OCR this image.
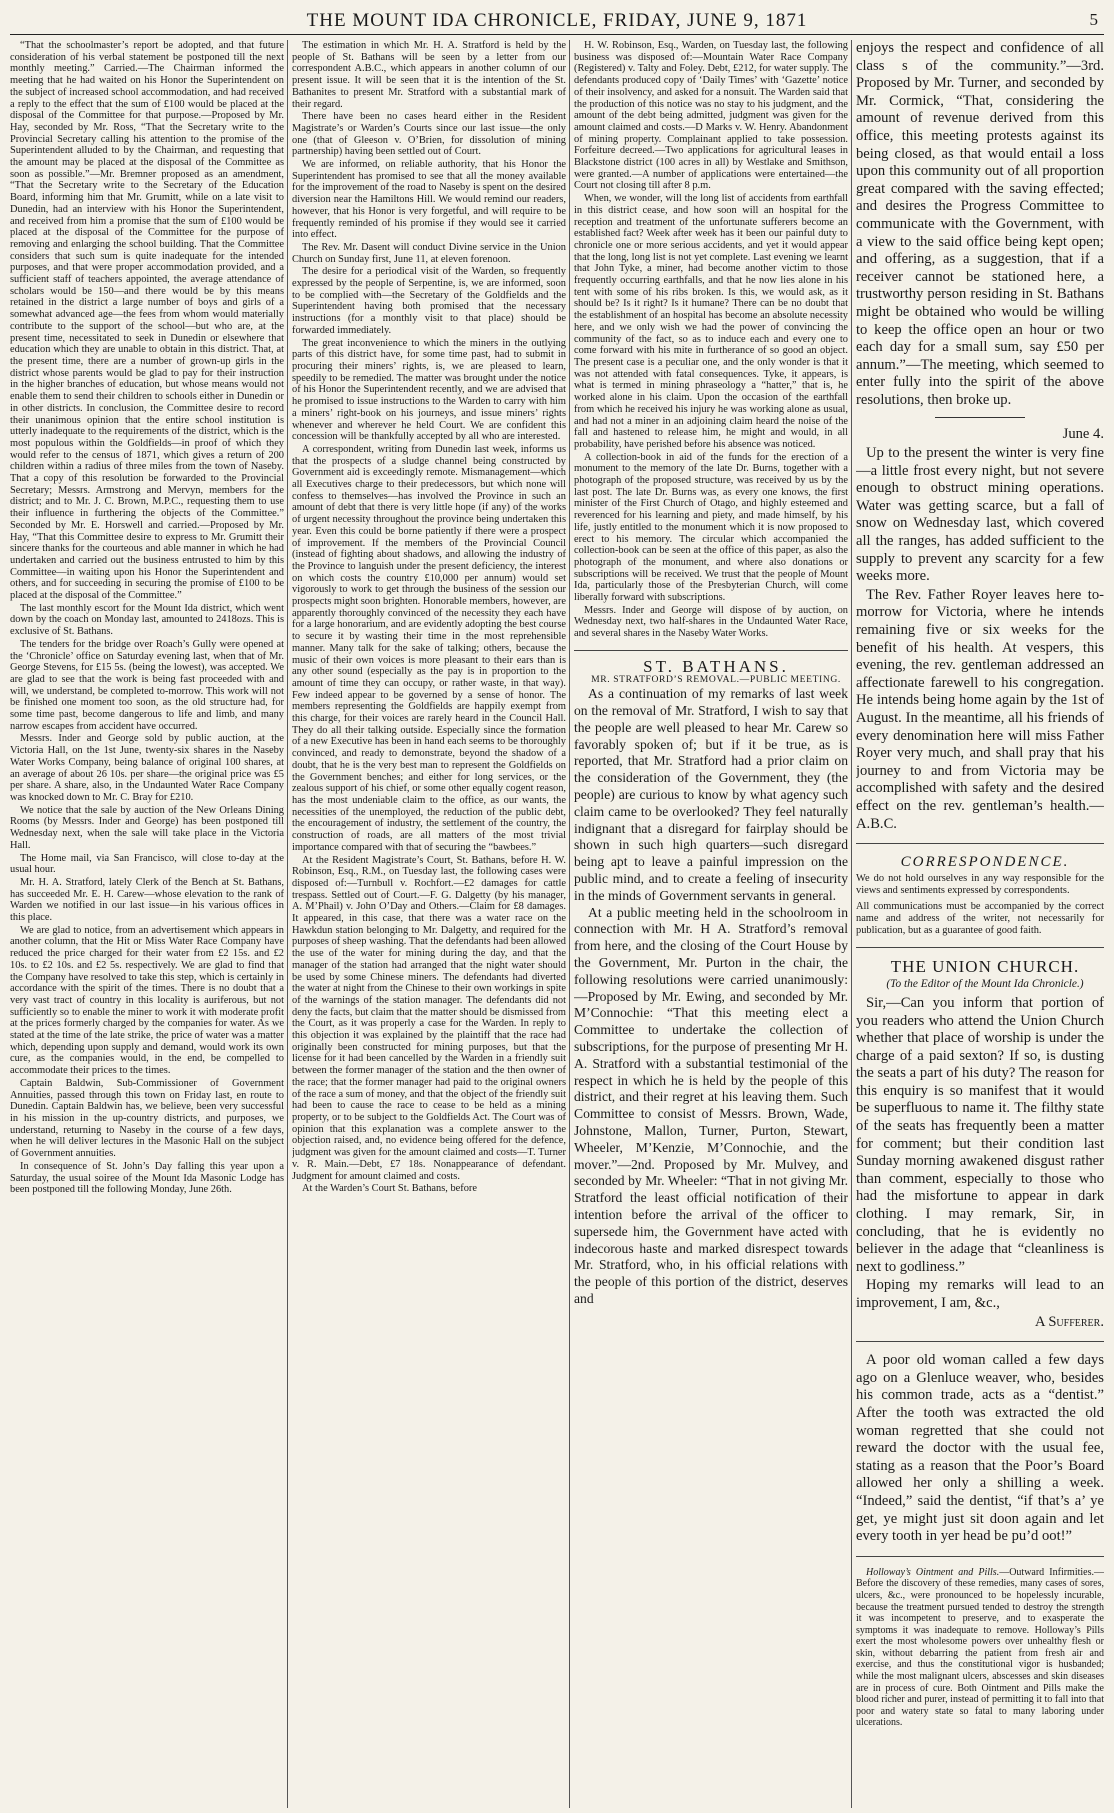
THE MOUNT IDA CHRONICLE, FRIDAY, JUNE 9, 1871	5

“That the schoolmaster’s report be adopted, and that future consideration of his verbal statement be postponed till the next monthly meeting.” Carried.—The Chairman informed the meeting that he had waited on his Honor the Superintendent on the subject of increased school accommodation, and had received a reply to the effect that the sum of £100 would be placed at the disposal of the Committee for that purpose.—Proposed by Mr. Hay, seconded by Mr. Ross, “That the Secretary write to the Provincial Secretary calling his attention to the promise of the Superintendent alluded to by the Chairman, and requesting that the amount may be placed at the disposal of the Committee as soon as possible.”—Mr. Bremner proposed as an amendment, “That the Secretary write to the Secretary of the Education Board, informing him that Mr. Grumitt, while on a late visit to Dunedin, had an interview with his Honor the Superintendent, and received from him a promise that the sum of £100 would be placed at the disposal of the Committee for the purpose of removing and enlarging the school building. That the Committee considers that such sum is quite inadequate for the intended purposes, and that were proper accommodation provided, and a sufficient staff of teachers appointed, the average attendance of scholars would be 150—and there would be by this means retained in the district a large number of boys and girls of a somewhat advanced age—the fees from whom would materially contribute to the support of the school—but who are, at the present time, necessitated to seek in Dunedin or elsewhere that education which they are unable to obtain in this district. That, at the present time, there are a number of grown-up girls in the district whose parents would be glad to pay for their instruction in the higher branches of education, but whose means would not enable them to send their children to schools either in Dunedin or in other districts. In conclusion, the Committee desire to record their unanimous opinion that the entire school institution is utterly inadequate to the requirements of the district, which is the most populous within the Goldfields—in proof of which they would refer to the census of 1871, which gives a return of 200 children within a radius of three miles from the town of Naseby. That a copy of this resolution be forwarded to the Provincial Secretary; Messrs. Armstrong and Mervyn, members for the district; and to Mr. J. C. Brown, M.P.C., requesting them to use their influence in furthering the objects of the Committee.” Seconded by Mr. E. Horswell and carried.—Proposed by Mr. Hay, “That this Committee desire to express to Mr. Grumitt their sincere thanks for the courteous and able manner in which he had undertaken and carried out the business entrusted to him by this Committee—in waiting upon his Honor the Superintendent and others, and for succeeding in securing the promise of £100 to be placed at the disposal of the Committee.”

The last monthly escort for the Mount Ida district, which went down by the coach on Monday last, amounted to 2418ozs. This is exclusive of St. Bathans.

The tenders for the bridge over Roach’s Gully were opened at the ‘Chronicle’ office on Saturday evening last, when that of Mr. George Stevens, for £15 5s. (being the lowest), was accepted. We are glad to see that the work is being fast proceeded with and will, we understand, be completed to-morrow. This work will not be finished one moment too soon, as the old structure had, for some time past, become dangerous to life and limb, and many narrow escapes from accident have occurred.

Messrs. Inder and George sold by public auction, at the Victoria Hall, on the 1st June, twenty-six shares in the Naseby Water Works Company, being balance of original 100 shares, at an average of about 26 10s. per share—the original price was £5 per share. A share, also, in the Undaunted Water Race Company was knocked down to Mr. C. Bray for £210.

We notice that the sale by auction of the New Orleans Dining Rooms (by Messrs. Inder and George) has been postponed till Wednesday next, when the sale will take place in the Victoria Hall.

The Home mail, via San Francisco, will close to-day at the usual hour.

Mr. H. A. Stratford, lately Clerk of the Bench at St. Bathans, has succeeded Mr. E. H. Carew—whose elevation to the rank of Warden we notified in our last issue—in his various offices in this place.

We are glad to notice, from an advertisement which appears in another column, that the Hit or Miss Water Race Company have reduced the price charged for their water from £2 15s. and £2 10s. to £2 10s. and £2 5s. respectively. We are glad to find that the Company have resolved to take this step, which is certainly in accordance with the spirit of the times. There is no doubt that a very vast tract of country in this locality is auriferous, but not sufficiently so to enable the miner to work it with moderate profit at the prices formerly charged by the companies for water. As we stated at the time of the late strike, the price of water was a matter which, depending upon supply and demand, would work its own cure, as the companies would, in the end, be compelled to accommodate their prices to the times.

Captain Baldwin, Sub-Commissioner of Government Annuities, passed through this town on Friday last, en route to Dunedin. Captain Baldwin has, we believe, been very successful in his mission in the up-country districts, and purposes, we understand, returning to Naseby in the course of a few days, when he will deliver lectures in the Masonic Hall on the subject of Government annuities.

In consequence of St. John’s Day falling this year upon a Saturday, the usual soiree of the Mount Ida Masonic Lodge has been postponed till the following Monday, June 26th.

The estimation in which Mr. H. A. Stratford is held by the people of St. Bathans will be seen by a letter from our correspondent A.B.C., which appears in another column of our present issue. It will be seen that it is the intention of the St. Bathanites to present Mr. Stratford with a substantial mark of their regard.

There have been no cases heard either in the Resident Magistrate’s or Warden’s Courts since our last issue—the only one (that of Gleeson v. O’Brien, for dissolution of mining partnership) having been settled out of Court.

We are informed, on reliable authority, that his Honor the Superintendent has promised to see that all the money available for the improvement of the road to Naseby is spent on the desired diversion near the Hamiltons Hill. We would remind our readers, however, that his Honor is very forgetful, and will require to be frequently reminded of his promise if they would see it carried into effect.

The Rev. Mr. Dasent will conduct Divine service in the Union Church on Sunday first, June 11, at eleven forenoon.

The desire for a periodical visit of the Warden, so frequently expressed by the people of Serpentine, is, we are informed, soon to be complied with—the Secretary of the Goldfields and the Superintendent having both promised that the necessary instructions (for a monthly visit to that place) should be forwarded immediately.

The great inconvenience to which the miners in the outlying parts of this district have, for some time past, had to submit in procuring their miners’ rights, is, we are pleased to learn, speedily to be remedied. The matter was brought under the notice of his Honor the Superintendent recently, and we are advised that he promised to issue instructions to the Warden to carry with him a miners’ right-book on his journeys, and issue miners’ rights whenever and wherever he held Court. We are confident this concession will be thankfully accepted by all who are interested.

A correspondent, writing from Dunedin last week, informs us that the prospects of a sludge channel being constructed by Government aid is exceedingly remote. Mismanagement—which all Executives charge to their predecessors, but which none will confess to themselves—has involved the Province in such an amount of debt that there is very little hope (if any) of the works of urgent necessity throughout the province being undertaken this year. Even this could be borne patiently if there were a prospect of improvement. If the members of the Provincial Council (instead of fighting about shadows, and allowing the industry of the Province to languish under the present deficiency, the interest on which costs the country £10,000 per annum) would set vigorously to work to get through the business of the session our prospects might soon brighten. Honorable members, however, are apparently thoroughly convinced of the necessity they each have for a large honorarium, and are evidently adopting the best course to secure it by wasting their time in the most reprehensible manner. Many talk for the sake of talking; others, because the music of their own voices is more pleasant to their ears than is any other sound (especially as the pay is in proportion to the amount of time they can occupy, or rather waste, in that way). Few indeed appear to be governed by a sense of honor. The members representing the Goldfields are happily exempt from this charge, for their voices are rarely heard in the Council Hall. They do all their talking outside. Especially since the formation of a new Executive has been in hand each seems to be thoroughly convinced, and ready to demonstrate, beyond the shadow of a doubt, that he is the very best man to represent the Goldfields on the Government benches; and either for long services, or the zealous support of his chief, or some other equally cogent reason, has the most undeniable claim to the office, as our wants, the necessities of the unemployed, the reduction of the public debt, the encouragement of industry, the settlement of the country, the construction of roads, are all matters of the most trivial importance compared with that of securing the “bawbees.”

At the Resident Magistrate’s Court, St. Bathans, before H. W. Robinson, Esq., R.M., on Tuesday last, the following cases were disposed of:—Turnbull v. Rochfort.—£2 damages for cattle trespass. Settled out of Court.—F. G. Dalgetty (by his manager, A. M’Phail) v. John O’Day and Others.—Claim for £8 damages. It appeared, in this case, that there was a water race on the Hawkdun station belonging to Mr. Dalgetty, and required for the purposes of sheep washing. That the defendants had been allowed the use of the water for mining during the day, and that the manager of the station had arranged that the night water should be used by some Chinese miners. The defendants had diverted the water at night from the Chinese to their own workings in spite of the warnings of the station manager. The defendants did not deny the facts, but claim that the matter should be dismissed from the Court, as it was properly a case for the Warden. In reply to this objection it was explained by the plaintiff that the race had originally been constructed for mining purposes, but that the license for it had been cancelled by the Warden in a friendly suit between the former manager of the station and the then owner of the race; that the former manager had paid to the original owners of the race a sum of money, and that the object of the friendly suit had been to cause the race to cease to be held as a mining property, or to be subject to the Goldfields Act. The Court was of opinion that this explanation was a complete answer to the objection raised, and, no evidence being offered for the defence, judgment was given for the amount claimed and costs—T. Turner v. R. Main.—Debt, £7 18s. Nonappearance of defendant. Judgment for amount claimed and costs.

At the Warden’s Court St. Bathans, before

H. W. Robinson, Esq., Warden, on Tuesday last, the following business was disposed of:—Mountain Water Race Company (Registered) v. Talty and Foley. Debt, £212, for water supply. The defendants produced copy of ‘Daily Times’ with ‘Gazette’ notice of their insolvency, and asked for a nonsuit. The Warden said that the production of this notice was no stay to his judgment, and the amount of the debt being admitted, judgment was given for the amount claimed and costs.—D Marks v. W. Henry. Abandonment of mining property. Complainant applied to take possession. Forfeiture decreed.—Two applications for agricultural leases in Blackstone district (100 acres in all) by Westlake and Smithson, were granted.—A number of applications were entertained—the Court not closing till after 8 p.m.

When, we wonder, will the long list of accidents from earthfall in this district cease, and how soon will an hospital for the reception and treatment of the unfortunate sufferers become an established fact? Week after week has it been our painful duty to chronicle one or more serious accidents, and yet it would appear that the long, long list is not yet complete. Last evening we learnt that John Tyke, a miner, had become another victim to those frequently occurring earthfalls, and that he now lies alone in his tent with some of his ribs broken. Is this, we would ask, as it should be? Is it right? Is it humane? There can be no doubt that the establishment of an hospital has become an absolute necessity here, and we only wish we had the power of convincing the community of the fact, so as to induce each and every one to come forward with his mite in furtherance of so good an object. The present case is a peculiar one, and the only wonder is that it was not attended with fatal consequences. Tyke, it appears, is what is termed in mining phraseology a “hatter,” that is, he worked alone in his claim. Upon the occasion of the earthfall from which he received his injury he was working alone as usual, and had not a miner in an adjoining claim heard the noise of the fall and hastened to release him, he might and would, in all probability, have perished before his absence was noticed.

A collection-book in aid of the funds for the erection of a monument to the memory of the late Dr. Burns, together with a photograph of the proposed structure, was received by us by the last post. The late Dr. Burns was, as every one knows, the first minister of the First Church of Otago, and highly esteemed and reverenced for his learning and piety, and made himself, by his life, justly entitled to the monument which it is now proposed to erect to his memory. The circular which accompanied the collection-book can be seen at the office of this paper, as also the photograph of the monument, and where also donations or subscriptions will be received. We trust that the people of Mount Ida, particularly those of the Presbyterian Church, will come liberally forward with subscriptions.

Messrs. Inder and George will dispose of by auction, on Wednesday next, two half-shares in the Undaunted Water Race, and several shares in the Naseby Water Works.

ST. BATHANS.

MR. STRATFORD’S REMOVAL.—PUBLIC MEETING.

As a continuation of my remarks of last week on the removal of Mr. Stratford, I wish to say that the people are well pleased to hear Mr. Carew so favorably spoken of; but if it be true, as is reported, that Mr. Stratford had a prior claim on the consideration of the Government, they (the people) are curious to know by what agency such claim came to be overlooked? They feel naturally indignant that a disregard for fairplay should be shown in such high quarters—such disregard being apt to leave a painful impression on the public mind, and to create a feeling of insecurity in the minds of Government servants in general.

At a public meeting held in the schoolroom in connection with Mr. H A. Stratford’s removal from here, and the closing of the Court House by the Government, Mr. Purton in the chair, the following resolutions were carried unanimously:—Proposed by Mr. Ewing, and seconded by Mr. M’Connochie: “That this meeting elect a Committee to undertake the collection of subscriptions, for the purpose of presenting Mr H. A. Stratford with a substantial testimonial of the respect in which he is held by the people of this district, and their regret at his leaving them. Such Committee to consist of Messrs. Brown, Wade, Johnstone, Mallon, Turner, Purton, Stewart, Wheeler, M’Kenzie, M’Connochie, and the mover.”—2nd. Proposed by Mr. Mulvey, and seconded by Mr. Wheeler: “That in not giving Mr. Stratford the least official notification of their intention before the arrival of the officer to supersede him, the Government have acted with indecorous haste and marked disrespect towards Mr. Stratford, who, in his official relations with the people of this portion of the district, deserves and

enjoys the respect and confidence of all class s of the community.”—3rd. Proposed by Mr. Turner, and seconded by Mr. Cormick, “That, considering the amount of revenue derived from this office, this meeting protests against its being closed, as that would entail a loss upon this community out of all proportion great compared with the saving effected; and desires the Progress Committee to communicate with the Government, with a view to the said office being kept open; and offering, as a suggestion, that if a receiver cannot be stationed here, a trustworthy person residing in St. Bathans might be obtained who would be willing to keep the office open an hour or two each day for a small sum, say £50 per annum.”—The meeting, which seemed to enter fully into the spirit of the above resolutions, then broke up.

June 4.

Up to the present the winter is very fine—a little frost every night, but not severe enough to obstruct mining operations. Water was getting scarce, but a fall of snow on Wednesday last, which covered all the ranges, has added sufficient to the supply to prevent any scarcity for a few weeks more.

The Rev. Father Royer leaves here to-morrow for Victoria, where he intends remaining five or six weeks for the benefit of his health. At vespers, this evening, the rev. gentleman addressed an affectionate farewell to his congregation. He intends being home again by the 1st of August. In the meantime, all his friends of every denomination here will miss Father Royer very much, and shall pray that his journey to and from Victoria may be accomplished with safety and the desired effect on the rev. gentleman’s health.—A.B.C.

CORRESPONDENCE.

We do not hold ourselves in any way responsible for the views and sentiments expressed by correspondents.

All communications must be accompanied by the correct name and address of the writer, not necessarily for publication, but as a guarantee of good faith.

THE UNION CHURCH.

(To the Editor of the Mount Ida Chronicle.)

Sir,—Can you inform that portion of you readers who attend the Union Church whether that place of worship is under the charge of a paid sexton? If so, is dusting the seats a part of his duty? The reason for this enquiry is so manifest that it would be superfluous to name it. The filthy state of the seats has frequently been a matter for comment; but their condition last Sunday morning awakened disgust rather than comment, especially to those who had the misfortune to appear in dark clothing. I may remark, Sir, in concluding, that he is evidently no believer in the adage that “cleanliness is next to godliness.”

Hoping my remarks will lead to an improvement, I am, &c.,

A Sufferer.

A poor old woman called a few days ago on a Glenluce weaver, who, besides his common trade, acts as a “dentist.” After the tooth was extracted the old woman regretted that she could not reward the doctor with the usual fee, stating as a reason that the Poor’s Board allowed her only a shilling a week. “Indeed,” said the dentist, “if that’s a’ ye get, ye might just sit doon again and let every tooth in yer head be pu’d oot!”

Holloway’s Ointment and Pills.—Outward Infirmities.—Before the discovery of these remedies, many cases of sores, ulcers, &c., were pronounced to be hopelessly incurable, because the treatment pursued tended to destroy the strength it was incompetent to preserve, and to exasperate the symptoms it was inadequate to remove. Holloway’s Pills exert the most wholesome powers over unhealthy flesh or skin, without debarring the patient from fresh air and exercise, and thus the constitutional vigor is husbanded; while the most malignant ulcers, abscesses and skin diseases are in process of cure. Both Ointment and Pills make the blood richer and purer, instead of permitting it to fall into that poor and watery state so fatal to many laboring under ulcerations.
